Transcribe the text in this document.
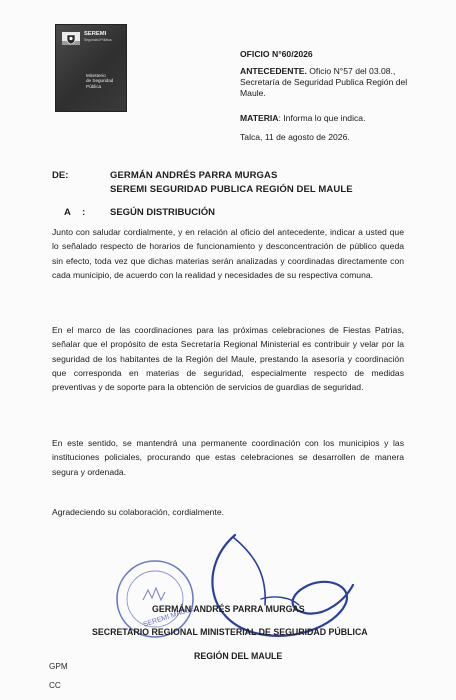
SEREMI
Seguridad Pública
Ministerio
de Seguridad
Pública
OFICIO N°60/2026
ANTECEDENTE. Oficio N°57 del 03.08., Secretaría de Seguridad Publica Región del Maule.
MATERIA: Informa lo que indica.
Talca, 11 de agosto de 2026.
DE:	GERMÁN ANDRÉS PARRA MURGAS
SEREMI SEGURIDAD PUBLICA REGIÓN DEL MAULE
A :	SEGÚN DISTRIBUCIÓN
Junto con saludar cordialmente, y en relación al oficio del antecedente, indicar a usted que lo señalado respecto de horarios de funcionamiento y desconcentración de público queda sin efecto, toda vez que dichas materias serán analizadas y coordinadas directamente con cada municipio, de acuerdo con la realidad y necesidades de su respectiva comuna.
En el marco de las coordinaciones para las próximas celebraciones de Fiestas Patrias, señalar que el propósito de esta Secretaría Regional Ministerial es contribuir y velar por la seguridad de los habitantes de la Región del Maule, prestando la asesoría y coordinación que corresponda en materias de seguridad, especialmente respecto de medidas preventivas y de soporte para la obtención de servicios de guardias de seguridad.
En este sentido, se mantendrá una permanente coordinación con los municipios y las instituciones policiales, procurando que estas celebraciones se desarrollen de manera segura y ordenada.
Agradeciendo su colaboración, cordialmente.
SEREMI MAULE
GERMÁN ANDRÉS PARRA MURGAS
SECRETARIO REGIONAL MINISTERIAL DE SEGURIDAD PÚBLICA
REGIÓN DEL MAULE
GPM
CC
